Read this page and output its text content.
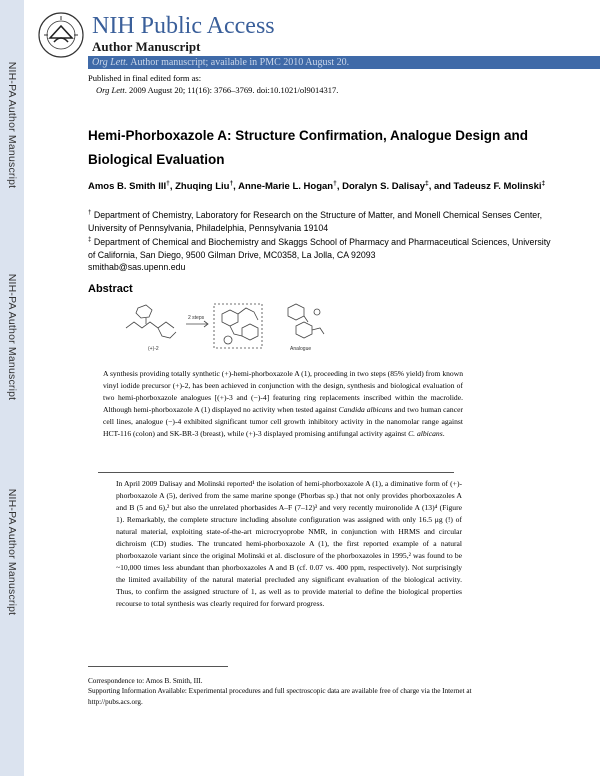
NIH-PA Author Manuscript
NIH-PA Author Manuscript
NIH-PA Author Manuscript
NIH Public Access
Author Manuscript
Org Lett. Author manuscript; available in PMC 2010 August 20.
Published in final edited form as:
Org Lett. 2009 August 20; 11(16): 3766–3769. doi:10.1021/ol9014317.
Hemi-Phorboxazole A: Structure Confirmation, Analogue Design and Biological Evaluation
Amos B. Smith III†, Zhuqing Liu†, Anne-Marie L. Hogan†, Doralyn S. Dalisay‡, and Tadeusz F. Molinski‡
† Department of Chemistry, Laboratory for Research on the Structure of Matter, and Monell Chemical Senses Center, University of Pennsylvania, Philadelphia, Pennsylvania 19104
‡ Department of Chemical and Biochemistry and Skaggs School of Pharmacy and Pharmaceutical Sciences, University of California, San Diego, 9500 Gilman Drive, MC0358, La Jolla, CA 92093
smithab@sas.upenn.edu
Abstract
(+)-2
2 steps
Analogue
A synthesis providing totally synthetic (+)-hemi-phorboxazole A (1), proceeding in two steps (85% yield) from known vinyl iodide precursor (+)-2, has been achieved in conjunction with the design, synthesis and biological evaluation of two hemi-phorboxazole analogues [(+)-3 and (−)-4] featuring ring replacements inscribed within the macrolide. Although hemi-phorboxazole A (1) displayed no activity when tested against Candida albicans and two human cancer cell lines, analogue (−)-4 exhibited significant tumor cell growth inhibitory activity in the nanomolar range against HCT-116 (colon) and SK-BR-3 (breast), while (+)-3 displayed promising antifungal activity against C. albicans.
In April 2009 Dalisay and Molinski reported¹ the isolation of hemi-phorboxazole A (1), a diminative form of (+)-phorboxazole A (5), derived from the same marine sponge (Phorbas sp.) that not only provides phorboxazoles A and B (5 and 6),² but also the unrelated phorbasides A–F (7–12)³ and very recently muironolide A (13)⁴ (Figure 1). Remarkably, the complete structure including absolute configuration was assigned with only 16.5 μg (!) of natural material, exploiting state-of-the-art microcryoprobe NMR, in conjunction with HRMS and circular dichroism (CD) studies. The truncated hemi-phorboxazole A (1), the first reported example of a natural phorboxazole variant since the original Molinski et al. disclosure of the phorboxazoles in 1995,² was found to be ~10,000 times less abundant than phorboxazoles A and B (cf. 0.07 vs. 400 ppm, respectively). Not surprisingly the limited availability of the natural material precluded any significant evaluation of the biological activity. Thus, to confirm the assigned structure of 1, as well as to provide material to define the biological properties recourse to total synthesis was clearly required for forward progress.
Correspondence to: Amos B. Smith, III.
Supporting Information Available: Experimental procedures and full spectroscopic data are available free of charge via the Internet at http://pubs.acs.org.
